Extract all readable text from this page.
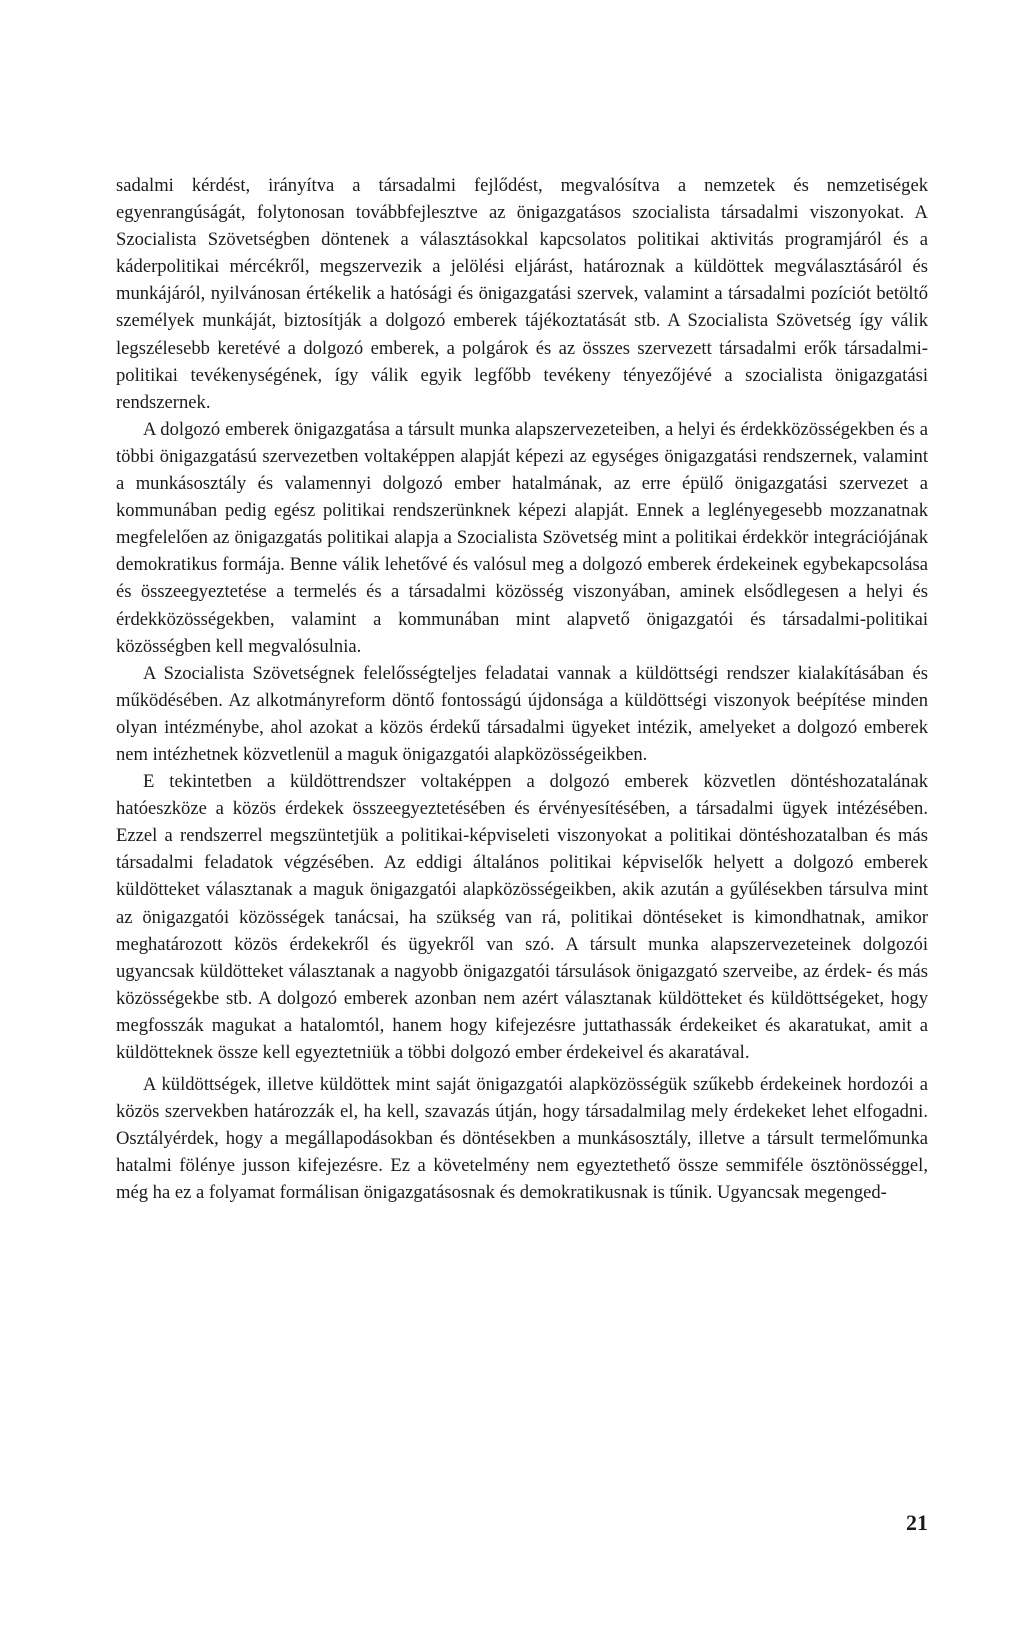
sadalmi kérdést, irányítva a társadalmi fejlődést, megvalósítva a nemzetek és nemzetiségek egyenrangúságát, folytonosan továbbfejlesztve az önigazgatásos szocialista társadalmi viszonyokat. A Szocialista Szövetségben döntenek a választásokkal kapcsolatos politikai aktivitás programjáról és a káderpolitikai mércékről, megszervezik a jelölési eljárást, határoznak a küldöttek megválasztásáról és munkájáról, nyilvánosan értékelik a hatósági és önigazgatási szervek, valamint a társadalmi pozíciót betöltő személyek munkáját, biztosítják a dolgozó emberek tájékoztatását stb. A Szocialista Szövetség így válik legszélesebb keretévé a dolgozó emberek, a polgárok és az összes szervezett társadalmi erők társadalmi-politikai tevékenységének, így válik egyik legfőbb tevékeny tényezőjévé a szocialista önigazgatási rendszernek.

A dolgozó emberek önigazgatása a társult munka alapszervezeteiben, a helyi és érdekközösségekben és a többi önigazgatású szervezetben voltaképpen alapját képezi az egységes önigazgatási rendszernek, valamint a munkásosztály és valamennyi dolgozó ember hatalmának, az erre épülő önigazgatási szervezet a kommunában pedig egész politikai rendszerünknek képezi alapját. Ennek a leglényegesebb mozzanatnak megfelelően az önigazgatás politikai alapja a Szocialista Szövetség mint a politikai érdekkör integrációjának demokratikus formája. Benne válik lehetővé és valósul meg a dolgozó emberek érdekeinek egybekapcsolása és összeegyeztetése a termelés és a társadalmi közösség viszonyában, aminek elsődlegesen a helyi és érdekközösségekben, valamint a kommunában mint alapvető önigazgatói és társadalmi-politikai közösségben kell megvalósulnia.

A Szocialista Szövetségnek felelősségteljes feladatai vannak a küldöttségi rendszer kialakításában és működésében. Az alkotmányreform döntő fontosságú újdonsága a küldöttségi viszonyok beépítése minden olyan intézménybe, ahol azokat a közös érdekű társadalmi ügyeket intézik, amelyeket a dolgozó emberek nem intézhetnek közvetlenül a maguk önigazgatói alapközösségeikben.

E tekintetben a küldöttrendszer voltaképpen a dolgozó emberek közvetlen döntéshozatalának hatóeszköze a közös érdekek összeegyeztetésében és érvényesítésében, a társadalmi ügyek intézésében. Ezzel a rendszerrel megszüntetjük a politikai-képviseleti viszonyokat a politikai döntéshozatalban és más társadalmi feladatok végzésében. Az eddigi általános politikai képviselők helyett a dolgozó emberek küldötteket választanak a maguk önigazgatói alapközösségeikben, akik azután a gyűlésekben társulva mint az önigazgatói közösségek tanácsai, ha szükség van rá, politikai döntéseket is kimondhatnak, amikor meghatározott közös érdekekről és ügyekről van szó. A társult munka alapszervezeteinek dolgozói ugyancsak küldötteket választanak a nagyobb önigazgatói társulások önigazgató szerveibe, az érdek- és más közösségekbe stb. A dolgozó emberek azonban nem azért választanak küldötteket és küldöttségeket, hogy megfosszák magukat a hatalomtól, hanem hogy kifejezésre juttathassák érdekeiket és akaratukat, amit a küldötteknek össze kell egyeztetniük a többi dolgozó ember érdekeivel és akaratával.

A küldöttségek, illetve küldöttek mint saját önigazgatói alapközösségük szűkebb érdekeinek hordozói a közös szervekben határozzák el, ha kell, szavazás útján, hogy társadalmilag mely érdekeket lehet elfogadni. Osztályérdek, hogy a megállapodásokban és döntésekben a munkásosztály, illetve a társult termelőmunka hatalmi fölénye jusson kifejezésre. Ez a követelmény nem egyeztethető össze semmiféle ösztönösséggel, még ha ez a folyamat formálisan önigazgatásosnak és demokratikusnak is tűnik. Ugyancsak megenged-

21
